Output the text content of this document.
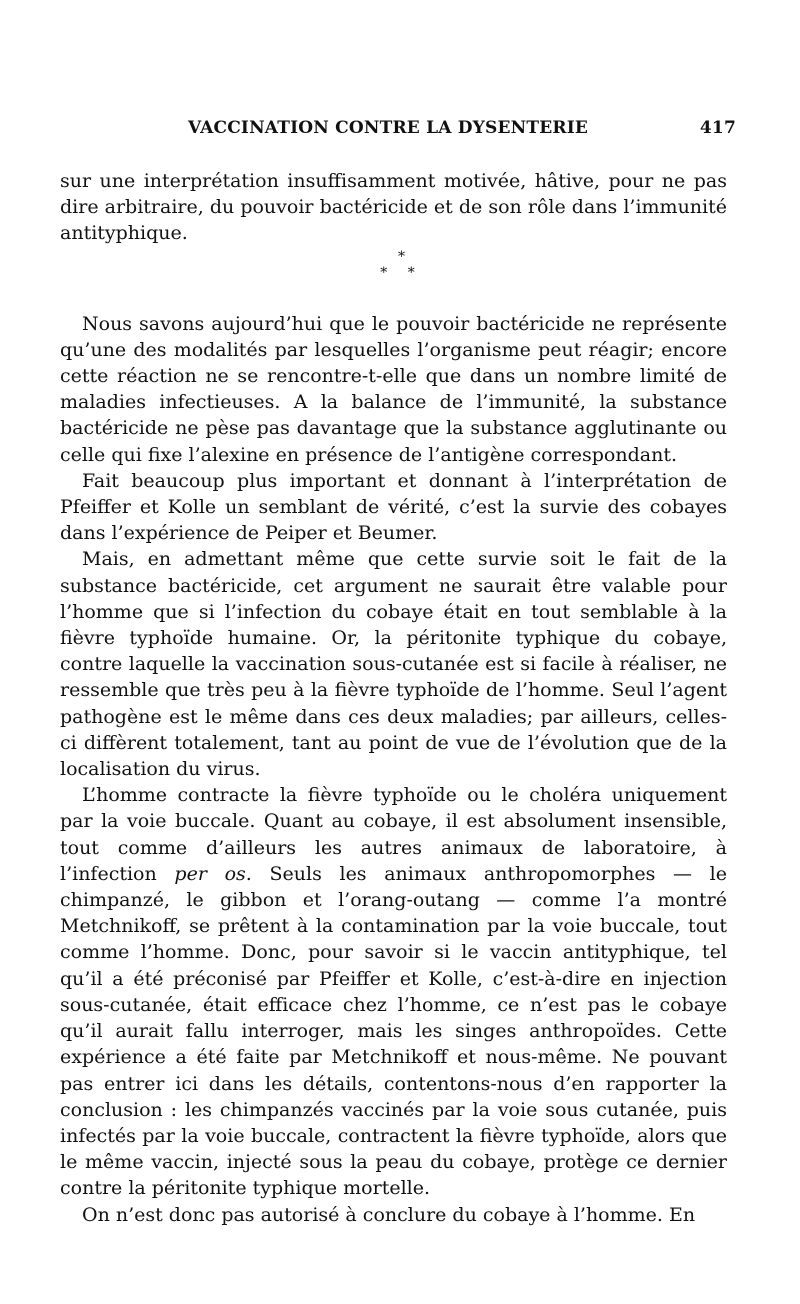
VACCINATION CONTRE LA DYSENTERIE	417

sur une interprétation insuffisamment motivée, hâtive, pour ne pas dire arbitraire, du pouvoir bactéricide et de son rôle dans l’immunité antityphique.

*
* *

Nous savons aujourd’hui que le pouvoir bactéricide ne représente qu’une des modalités par lesquelles l’organisme peut réagir; encore cette réaction ne se rencontre-t-elle que dans un nombre limité de maladies infectieuses. A la balance de l’immunité, la substance bactéricide ne pèse pas davantage que la substance agglutinante ou celle qui fixe l’alexine en présence de l’antigène correspondant.

Fait beaucoup plus important et donnant à l’interprétation de Pfeiffer et Kolle un semblant de vérité, c’est la survie des cobayes dans l’expérience de Peiper et Beumer.

Mais, en admettant même que cette survie soit le fait de la substance bactéricide, cet argument ne saurait être valable pour l’homme que si l’infection du cobaye était en tout semblable à la fièvre typhoïde humaine. Or, la péritonite typhique du cobaye, contre laquelle la vaccination sous-cutanée est si facile à réaliser, ne ressemble que très peu à la fièvre typhoïde de l’homme. Seul l’agent pathogène est le même dans ces deux maladies; par ailleurs, celles-ci diffèrent totalement, tant au point de vue de l’évolution que de la localisation du virus.

L’homme contracte la fièvre typhoïde ou le choléra uniquement par la voie buccale. Quant au cobaye, il est absolument insensible, tout comme d’ailleurs les autres animaux de laboratoire, à l’infection per os. Seuls les animaux anthropomorphes — le chimpanzé, le gibbon et l’orang-outang — comme l’a montré Metchnikoff, se prêtent à la contamination par la voie buccale, tout comme l’homme. Donc, pour savoir si le vaccin antityphique, tel qu’il a été préconisé par Pfeiffer et Kolle, c’est-à-dire en injection sous-cutanée, était efficace chez l’homme, ce n’est pas le cobaye qu’il aurait fallu interroger, mais les singes anthropoïdes. Cette expérience a été faite par Metchnikoff et nous-même. Ne pouvant pas entrer ici dans les détails, contentons-nous d’en rapporter la conclusion : les chimpanzés vaccinés par la voie sous cutanée, puis infectés par la voie buccale, contractent la fièvre typhoïde, alors que le même vaccin, injecté sous la peau du cobaye, protège ce dernier contre la péritonite typhique mortelle.

On n’est donc pas autorisé à conclure du cobaye à l’homme. En
